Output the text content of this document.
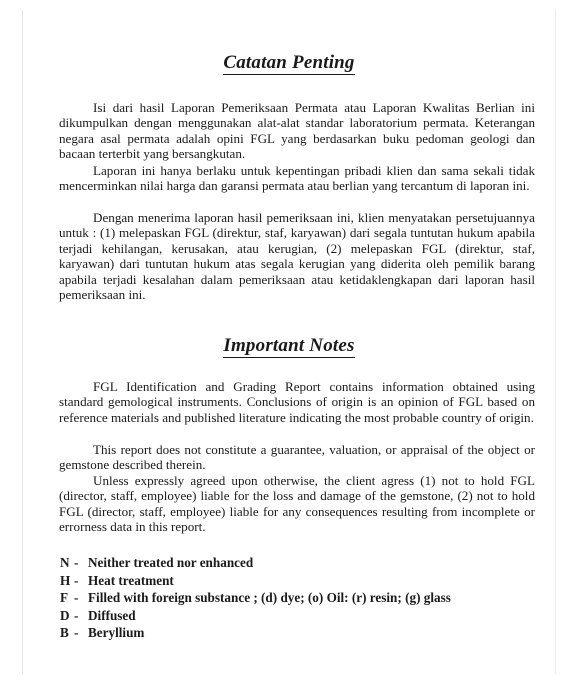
Catatan Penting

Isi dari hasil Laporan Pemeriksaan Permata atau Laporan Kwalitas Berlian ini dikumpulkan dengan menggunakan alat-alat standar laboratorium permata. Keterangan negara asal permata adalah opini FGL yang berdasarkan buku pedoman geologi dan bacaan terterbit yang bersangkutan.

Laporan ini hanya berlaku untuk kepentingan pribadi klien dan sama sekali tidak mencerminkan nilai harga dan garansi permata atau berlian yang tercantum di laporan ini.

Dengan menerima laporan hasil pemeriksaan ini, klien menyatakan persetujuannya untuk : (1) melepaskan FGL (direktur, staf, karyawan) dari segala tuntutan hukum apabila terjadi kehilangan, kerusakan, atau kerugian, (2) melepaskan FGL (direktur, staf, karyawan) dari tuntutan hukum atas segala kerugian yang diderita oleh pemilik barang apabila terjadi kesalahan dalam pemeriksaan atau ketidaklengkapan dari laporan hasil pemeriksaan ini.

Important Notes

FGL Identification and Grading Report contains information obtained using standard gemological instruments. Conclusions of origin is an opinion of FGL based on reference materials and published literature indicating the most probable country of origin.

This report does not constitute a guarantee, valuation, or appraisal of the object or gemstone described therein.

Unless expressly agreed upon otherwise, the client agress (1) not to hold FGL (director, staff, employee) liable for the loss and damage of the gemstone, (2) not to hold FGL (director, staff, employee) liable for any consequences resulting from incomplete or errorness data in this report.

N - Neither treated nor enhanced
H - Heat treatment
F - Filled with foreign substance ; (d) dye; (o) Oil: (r) resin; (g) glass
D - Diffused
B - Beryllium
